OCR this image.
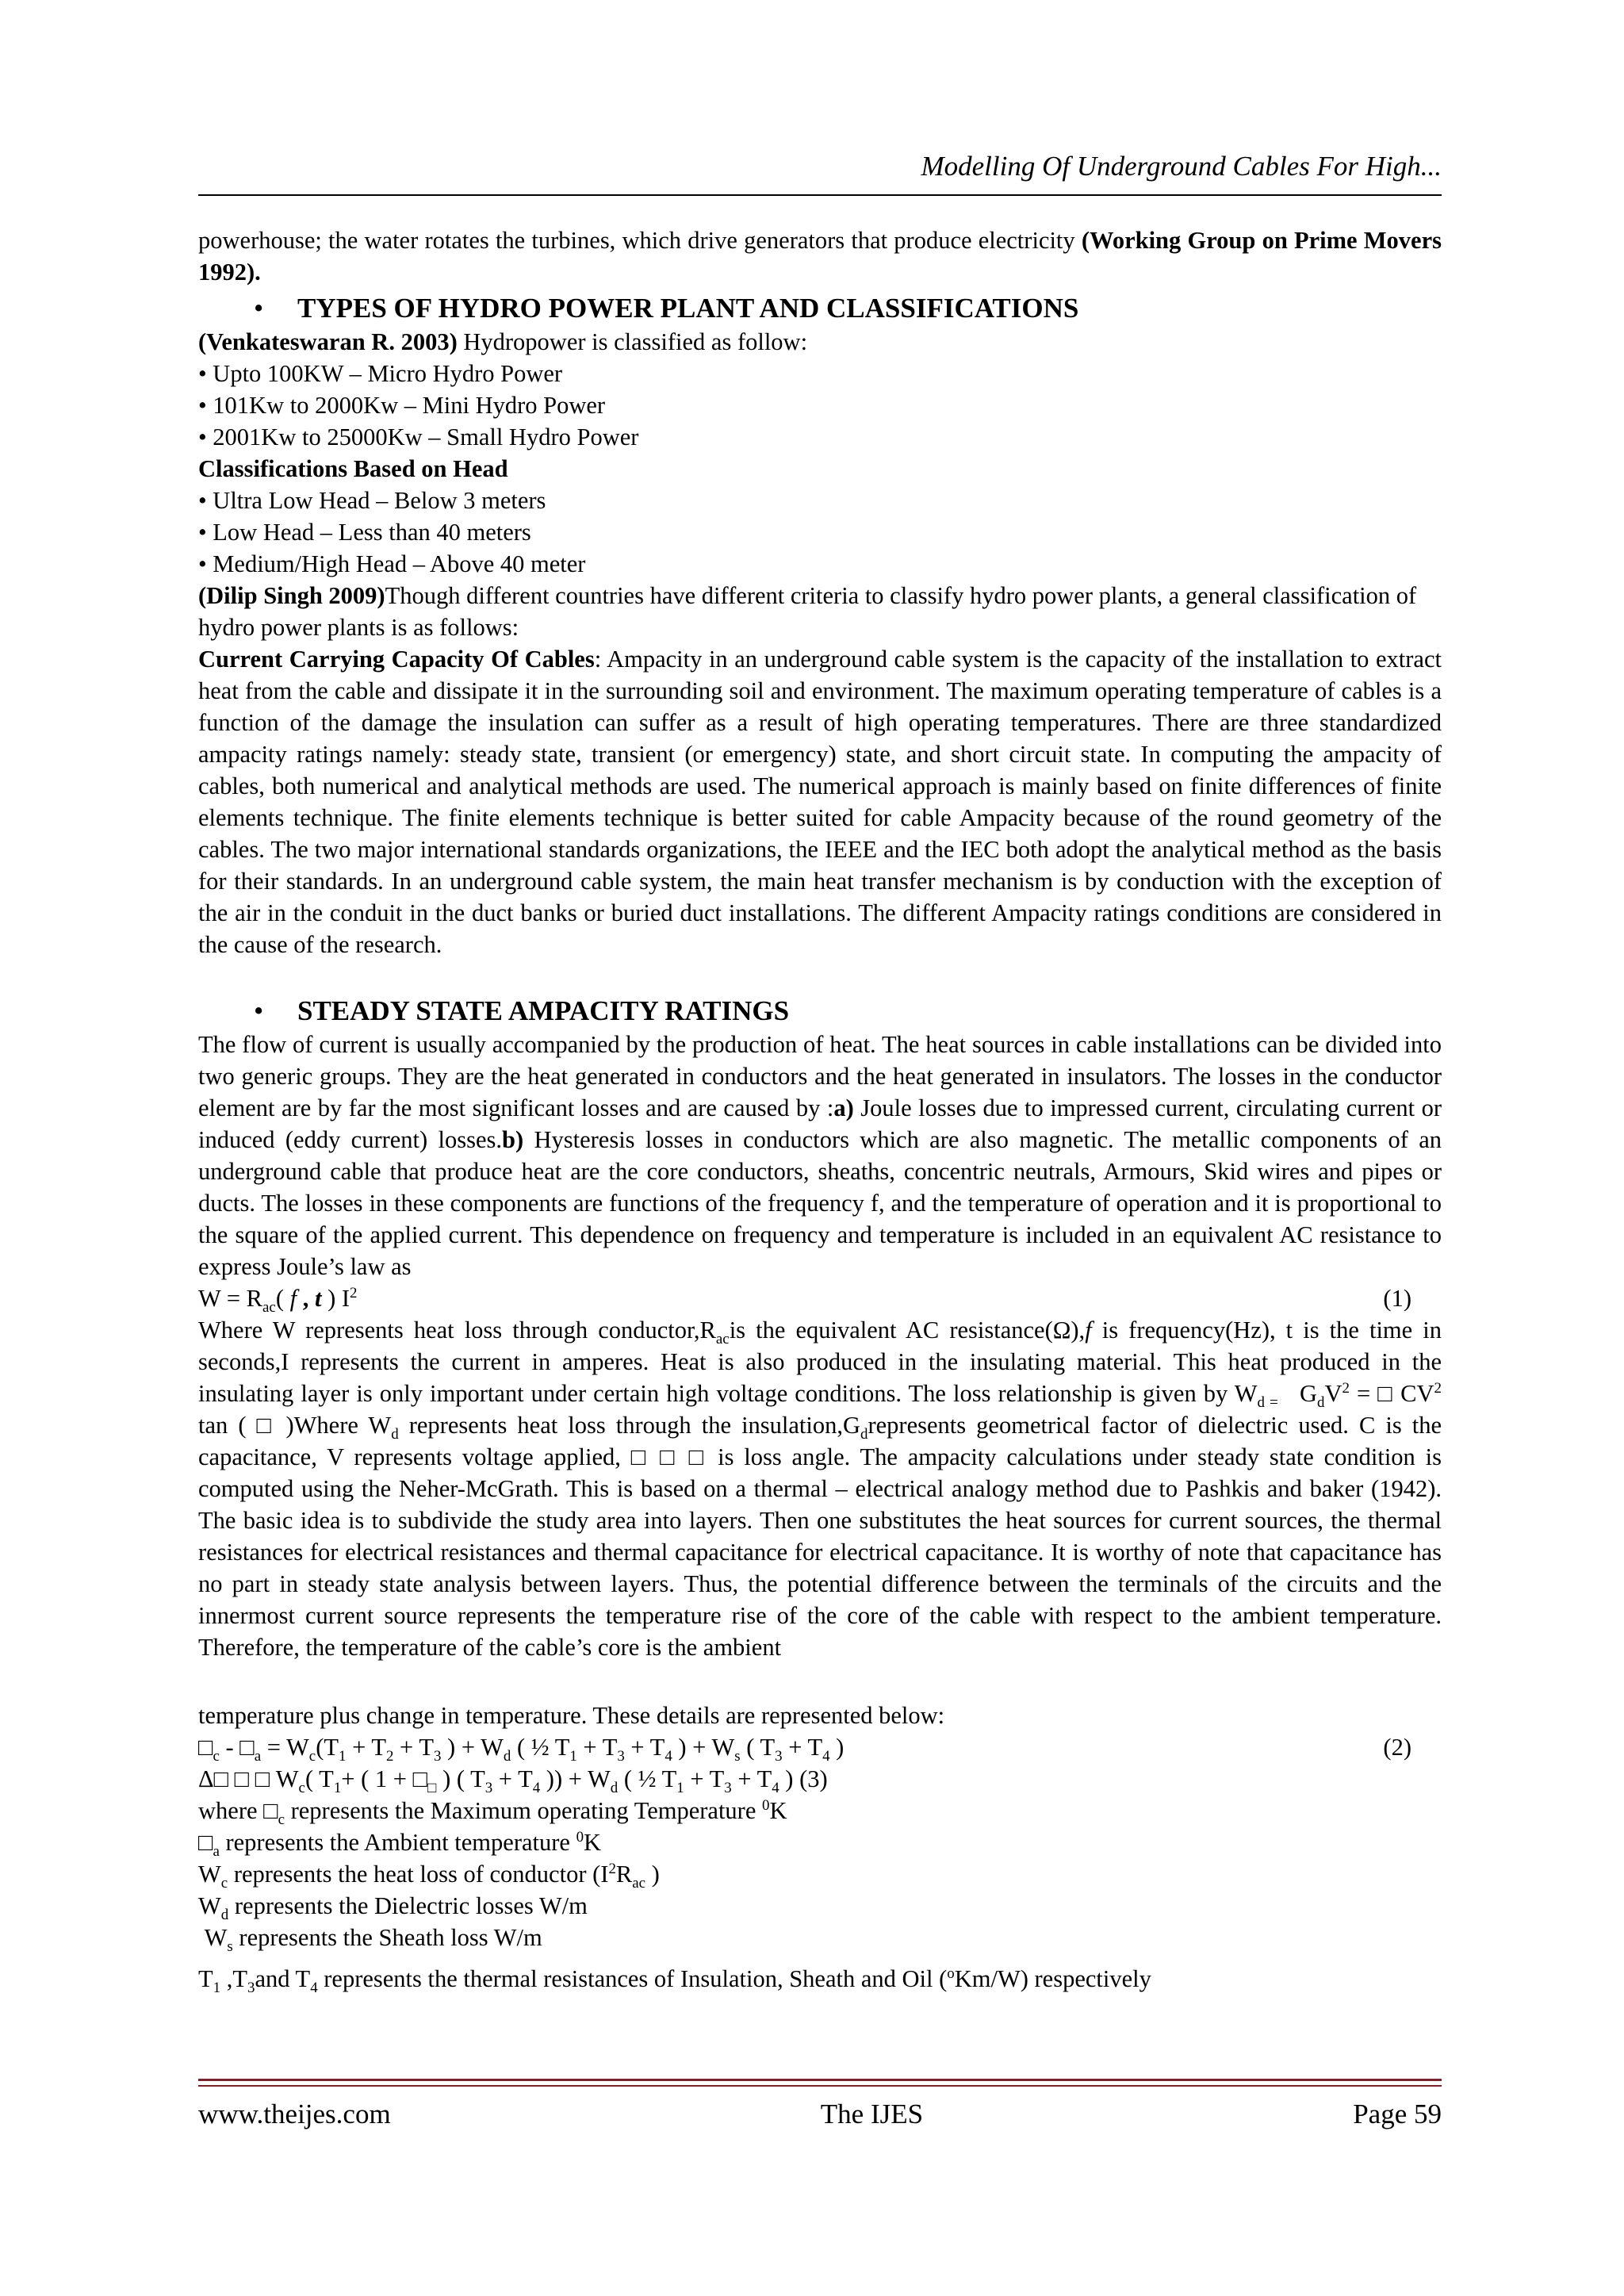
Modelling Of Underground Cables For High...

powerhouse; the water rotates the turbines, which drive generators that produce electricity (Working Group on Prime Movers 1992).

•	TYPES OF HYDRO POWER PLANT AND CLASSIFICATIONS

(Venkateswaran R. 2003) Hydropower is classified as follow:

• Upto 100KW – Micro Hydro Power

• 101Kw to 2000Kw – Mini Hydro Power

• 2001Kw to 25000Kw – Small Hydro Power

Classifications Based on Head

• Ultra Low Head – Below 3 meters

• Low Head – Less than 40 meters

• Medium/High Head – Above 40 meter

(Dilip Singh 2009)Though different countries have different criteria to classify hydro power plants, a general classification of hydro power plants is as follows:

Current Carrying Capacity Of Cables: Ampacity in an underground cable system is the capacity of the installation to extract heat from the cable and dissipate it in the surrounding soil and environment. The maximum operating temperature of cables is a function of the damage the insulation can suffer as a result of high operating temperatures. There are three standardized ampacity ratings namely: steady state, transient (or emergency) state, and short circuit state. In computing the ampacity of cables, both numerical and analytical methods are used. The numerical approach is mainly based on finite differences of finite elements technique. The finite elements technique is better suited for cable Ampacity because of the round geometry of the cables. The two major international standards organizations, the IEEE and the IEC both adopt the analytical method as the basis for their standards. In an underground cable system, the main heat transfer mechanism is by conduction with the exception of the air in the conduit in the duct banks or buried duct installations. The different Ampacity ratings conditions are considered in the cause of the research.

•	STEADY STATE AMPACITY RATINGS

The flow of current is usually accompanied by the production of heat. The heat sources in cable installations can be divided into two generic groups. They are the heat generated in conductors and the heat generated in insulators. The losses in the conductor element are by far the most significant losses and are caused by :a) Joule losses due to impressed current, circulating current or induced (eddy current) losses.b) Hysteresis losses in conductors which are also magnetic. The metallic components of an underground cable that produce heat are the core conductors, sheaths, concentric neutrals, Armours, Skid wires and pipes or ducts. The losses in these components are functions of the frequency f, and the temperature of operation and it is proportional to the square of the applied current. This dependence on frequency and temperature is included in an equivalent AC resistance to express Joule’s law as

$W = R_{ac}$( f , t ) $I^2$	(1)

Where W represents heat loss through $conductor,R_{ac}is$ the equivalent AC resistance(Ω),f is frequency(Hz), t is the time in seconds,I represents the current in amperes. Heat is also produced in the insulating material. This heat produced in the insulating layer is only important under certain high voltage conditions. The loss relationship is given by $W_{d =}$   $G_dV^2$ = □ $CV^2$ tan ( □ )Where $W_d$ represents heat loss through the $insulation,G_drepresents$ geometrical factor of dielectric used. C is the capacitance, V represents voltage applied, □ □ □ is loss angle. The ampacity calculations under steady state condition is computed using the Neher-McGrath. This is based on a thermal – electrical analogy method due to Pashkis and baker (1942). The basic idea is to subdivide the study area into layers. Then one substitutes the heat sources for current sources, the thermal resistances for electrical resistances and thermal capacitance for electrical capacitance. It is worthy of note that capacitance has no part in steady state analysis between layers. Thus, the potential difference between the terminals of the circuits and the innermost current source represents the temperature rise of the core of the cable with respect to the ambient temperature. Therefore, the temperature of the cable’s core is the ambient

temperature plus change in temperature. These details are represented below:

$□_c$ - $□_a = W_c(T_1 + T_2 + T_3$ ) + $W_d$ ( ½ $T_1 + T_3 + T_4$ ) + $W_s$ ( $T_3 + T_4$ )	(2)

Δ□ □ □ $W_c$( $T_1+$ ( $1 + □_□$ ) ( $T_3 + T_4$ )) + $W_d$ ( ½ $T_1 + T_3 + T_4$ ) (3)

where $□_c$ represents the Maximum operating Temperature $^0$K

$□_a$ represents the Ambient temperature $^0$K

$W_c$ represents the heat loss of conductor ($I^2R_{ac}$ )

$W_d$ represents the Dielectric losses W/m

$W_s$ represents the Sheath loss W/m

$T_1$ $,T_3and$ $T_4$ represents the thermal resistances of Insulation, Sheath and Oil ($^o$Km/W) respectively

www.theijes.com	The IJES	Page 59
